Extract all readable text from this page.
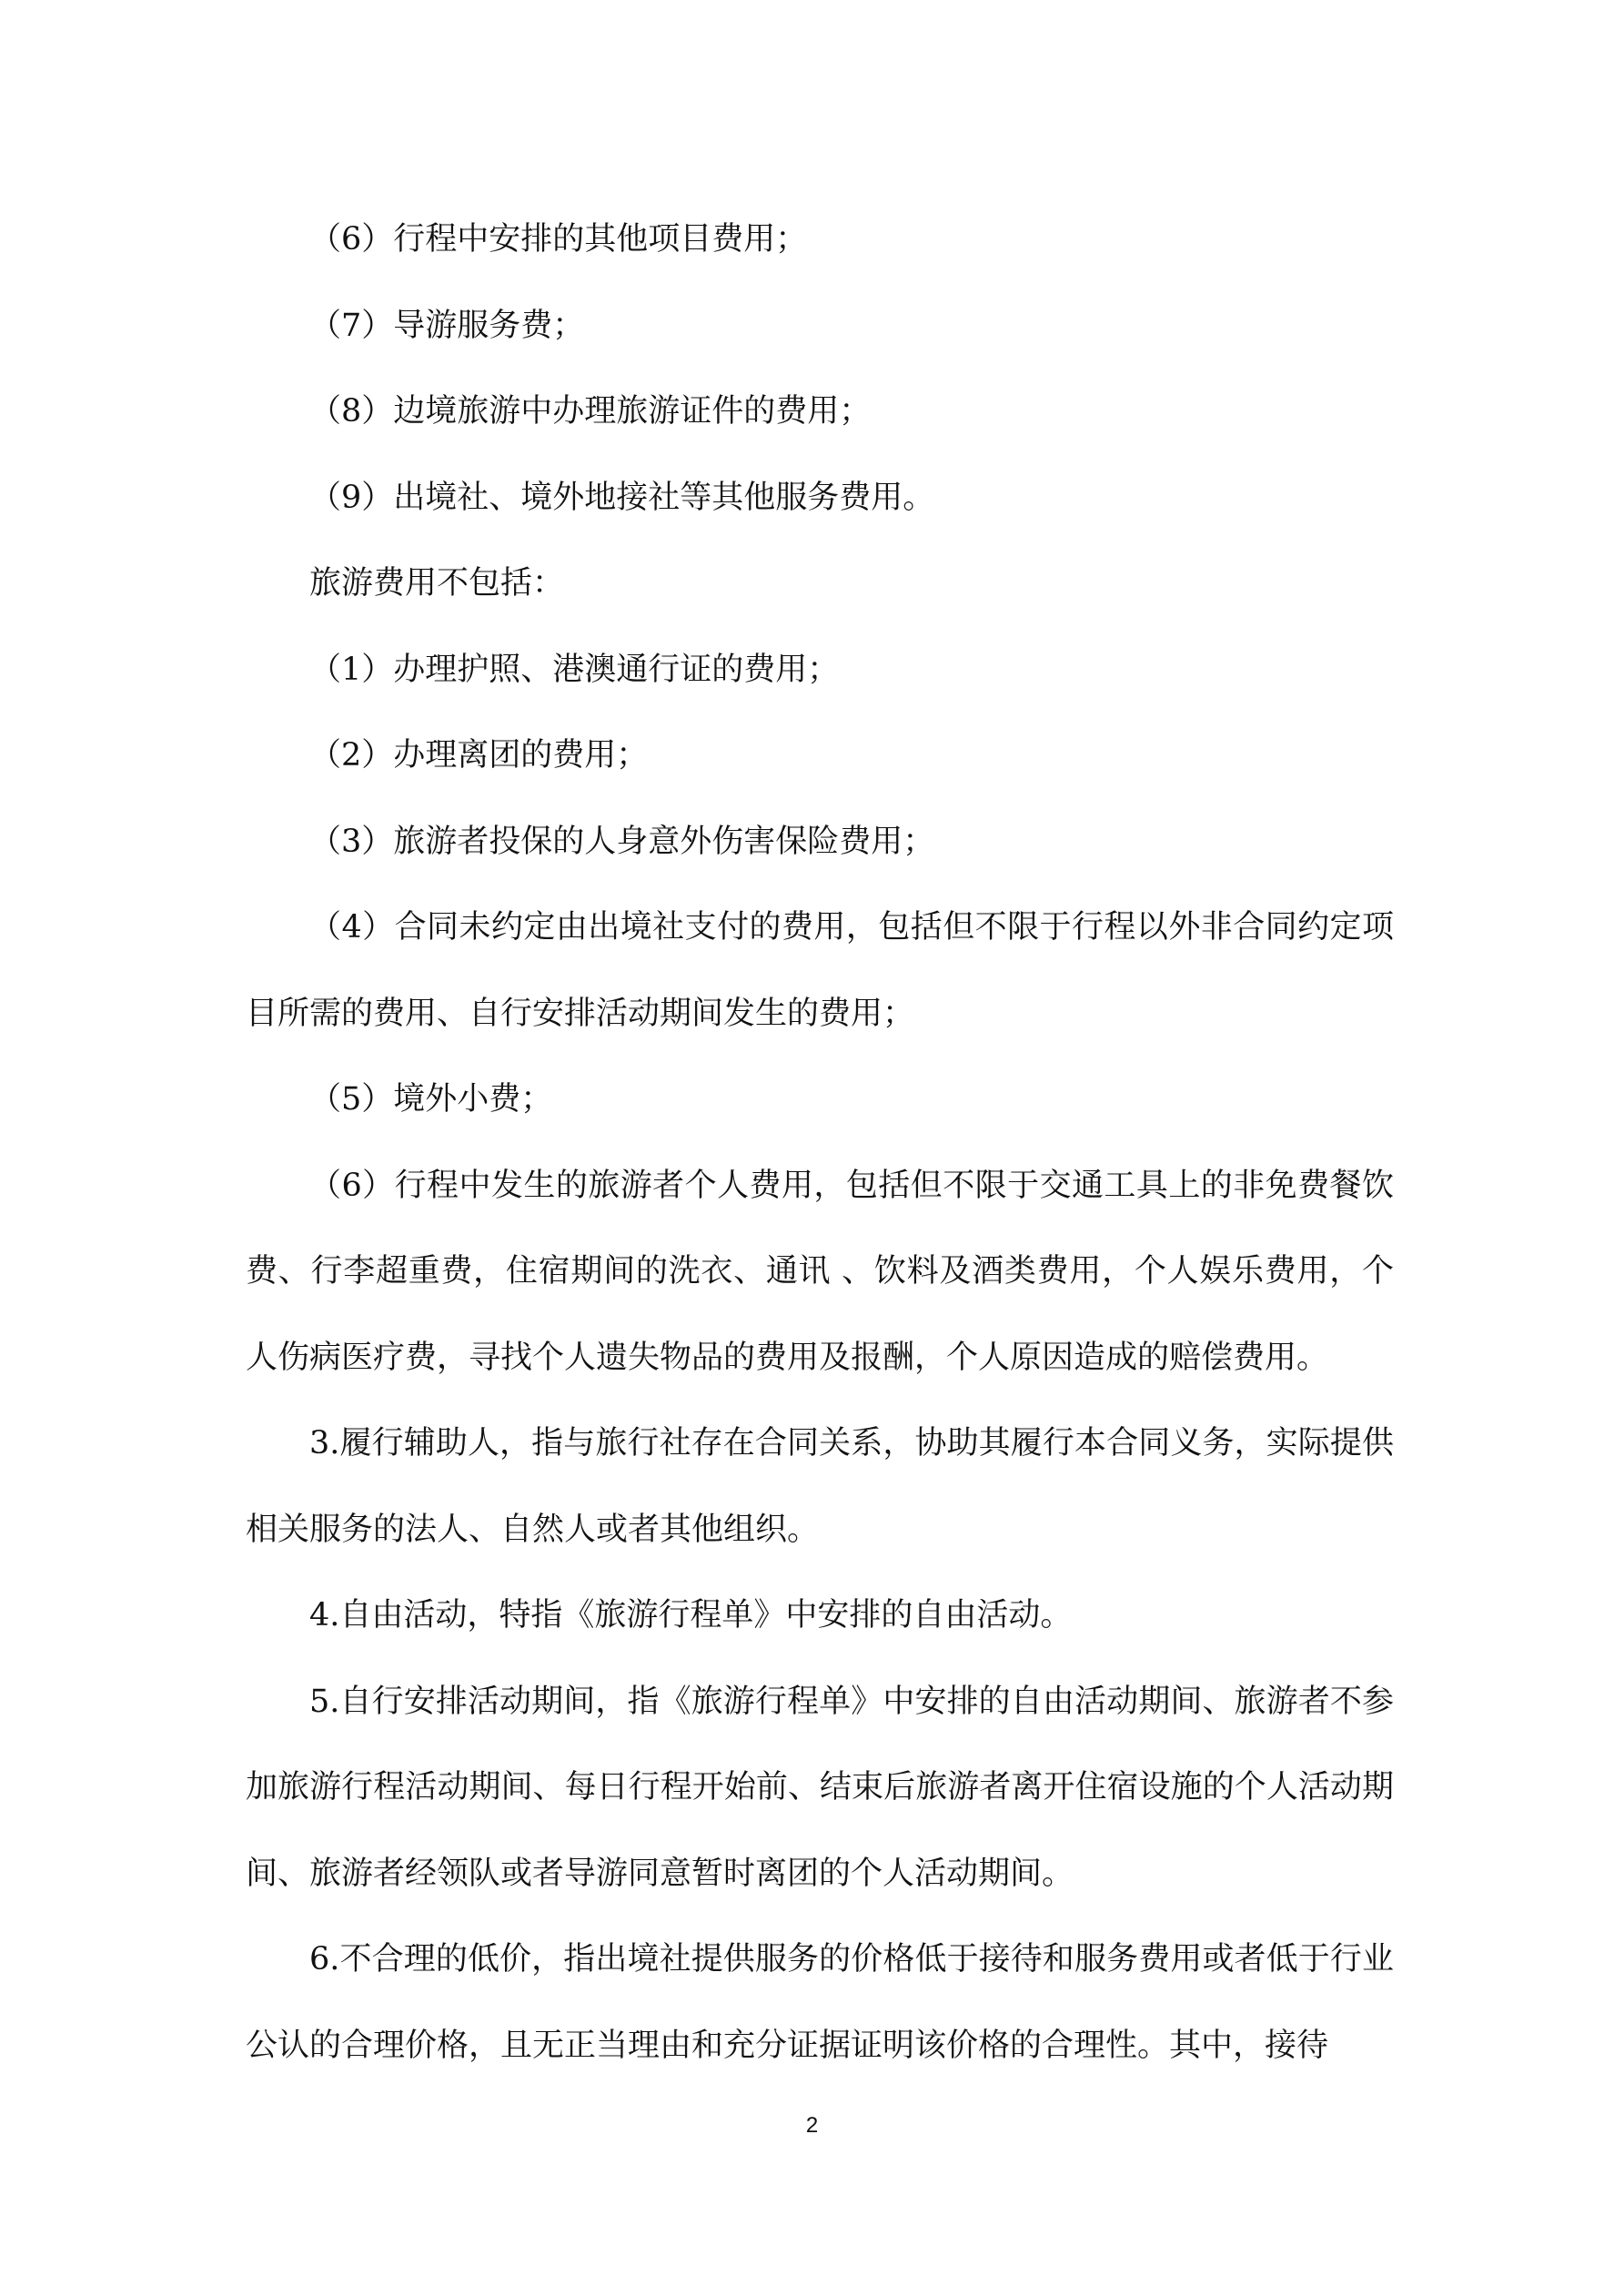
（6）行程中安排的其他项目费用；

（7）导游服务费；

（8）边境旅游中办理旅游证件的费用；

（9）出境社、境外地接社等其他服务费用。

旅游费用不包括：

（1）办理护照、港澳通行证的费用；

（2）办理离团的费用；

（3）旅游者投保的人身意外伤害保险费用；

（4）合同未约定由出境社支付的费用，包括但不限于行程以外非合同约定项目所需的费用、自行安排活动期间发生的费用；

（5）境外小费；

（6）行程中发生的旅游者个人费用，包括但不限于交通工具上的非免费餐饮费、行李超重费，住宿期间的洗衣、通讯 、饮料及酒类费用，个人娱乐费用，个人伤病医疗费，寻找个人遗失物品的费用及报酬，个人原因造成的赔偿费用。

3.履行辅助人，指与旅行社存在合同关系，协助其履行本合同义务，实际提供相关服务的法人、自然人或者其他组织。

4.自由活动，特指《旅游行程单》中安排的自由活动。

5.自行安排活动期间，指《旅游行程单》中安排的自由活动期间、旅游者不参加旅游行程活动期间、每日行程开始前、结束后旅游者离开住宿设施的个人活动期间、旅游者经领队或者导游同意暂时离团的个人活动期间。

6.不合理的低价，指出境社提供服务的价格低于接待和服务费用或者低于行业公认的合理价格，且无正当理由和充分证据证明该价格的合理性。其中，接待

2
